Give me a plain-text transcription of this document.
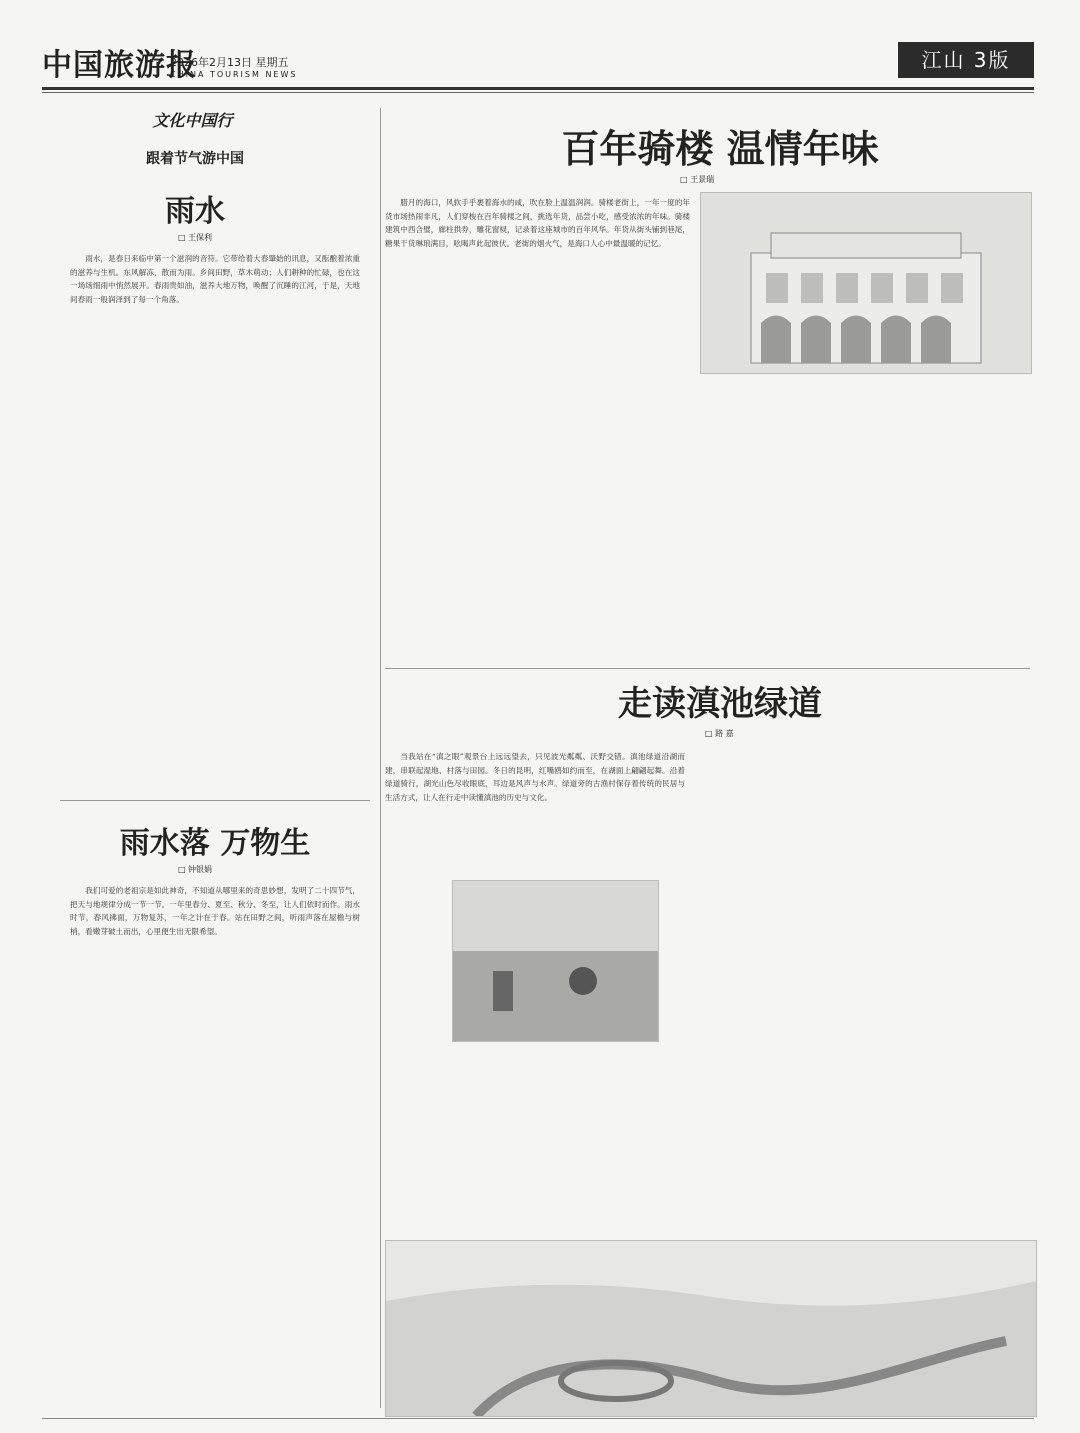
中国旅游报
2026年2月13日 星期五
CHINA TOURISM NEWS
江山 3版
文化中国行
跟着节气游中国
雨水
□ 王保利
雨水，是春日来临中第一个滋润的音符。它带给着大春肇始的讯息，又酝酿着浓重的滋养与生机。东风解冻，散而为雨。乡间田野，草木萌动；人们耕种的忙碌，也在这一场场细雨中悄然展开。春雨贵如油，滋养大地万物，唤醒了沉睡的江河，于是，天地间春雨一般润泽到了每一个角落。
雨水落 万物生
□ 钟银娟
我们可爱的老祖宗是如此神奇，不知道从哪里来的奇思妙想，发明了二十四节气，把天与地规律分成一节一节。一年里春分、夏至、秋分、冬至，让人们依时而作。雨水时节，春风拂面，万物复苏，一年之计在于春。站在田野之间，听雨声落在屋檐与树梢，看嫩芽破土而出，心里便生出无限希望。
百年骑楼 温情年味
□ 王景瑞
腊月的海口，风软手乎裹着海水的咸，吹在脸上温温润润。骑楼老街上，一年一度的年货市场热闹非凡，人们穿梭在百年骑楼之间，挑选年货，品尝小吃，感受浓浓的年味。骑楼建筑中西合璧，廊柱拱券，雕花窗棂，记录着这座城市的百年风华。年货从街头铺到巷尾，糖果干货琳琅满目，吆喝声此起彼伏。老街的烟火气，是海口人心中最温暖的记忆。
走读滇池绿道
□ 路 嘉
当我站在“滇之眼”观景台上远远望去，只见波光粼粼、沃野交错。滇池绿道沿湖而建，串联起湿地、村落与田园。冬日的昆明，红嘴鸥如约而至，在湖面上翩翩起舞。沿着绿道骑行，湖光山色尽收眼底，耳边是风声与水声。绿道旁的古渔村保存着传统的民居与生活方式，让人在行走中读懂滇池的历史与文化。
